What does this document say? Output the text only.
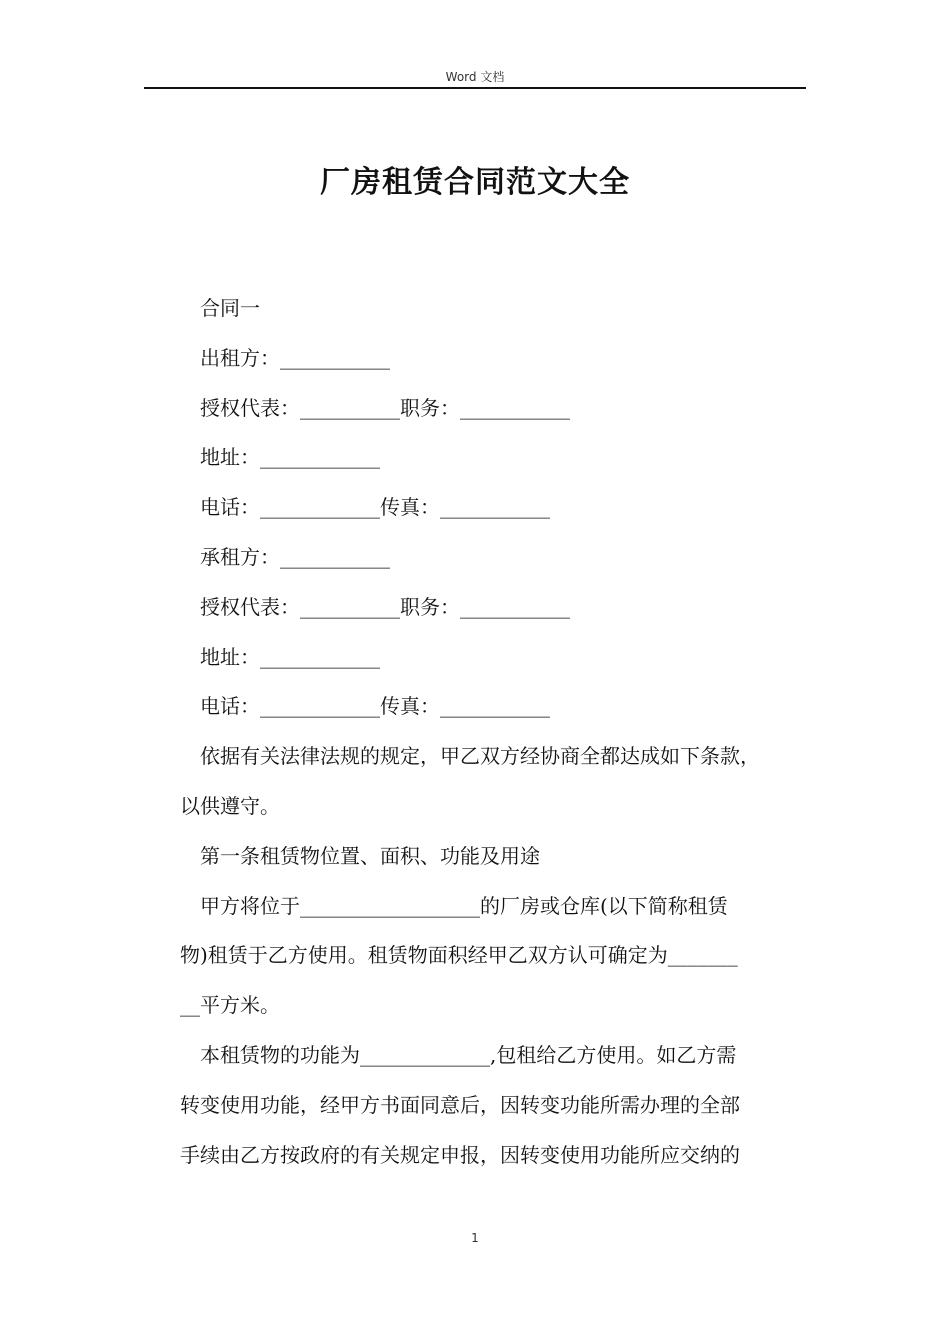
Word 文档
厂房租赁合同范文大全

合同一

出租方：___________

授权代表：__________职务：___________

地址：____________

电话：____________传真：___________

承租方：___________

授权代表：__________职务：___________

地址：____________

电话：____________传真：___________

依据有关法律法规的规定，甲乙双方经协商全都达成如下条款，

以供遵守。

第一条租赁物位置、面积、功能及用途

甲方将位于__________________的厂房或仓库(以下简称租赁

物)租赁于乙方使用。租赁物面积经甲乙双方认可确定为_______

__平方米。

本租赁物的功能为_____________,包租给乙方使用。如乙方需

转变使用功能，经甲方书面同意后，因转变功能所需办理的全部

手续由乙方按政府的有关规定申报，因转变使用功能所应交纳的

1
